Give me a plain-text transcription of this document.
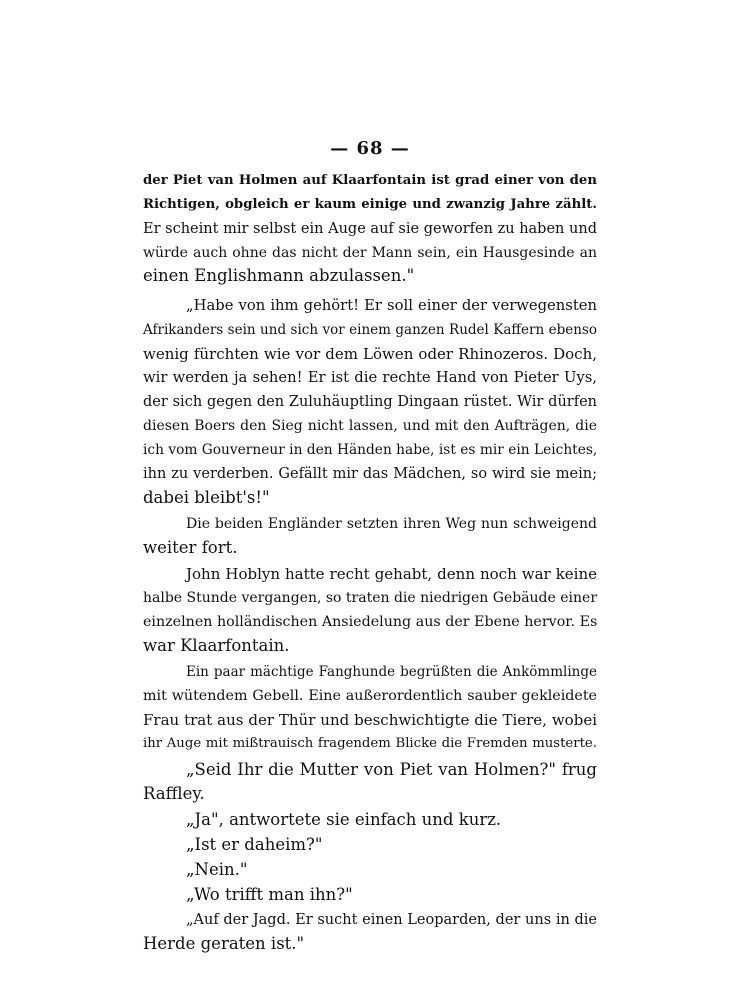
— 68 —
der Piet van Holmen auf Klaarfontain ist grad einer von den
Richtigen, obgleich er kaum einige und zwanzig Jahre zählt.
Er scheint mir selbst ein Auge auf sie geworfen zu haben und
würde auch ohne das nicht der Mann sein, ein Hausgesinde an
einen Englishmann abzulassen."
„Habe von ihm gehört! Er soll einer der verwegensten
Afrikanders sein und sich vor einem ganzen Rudel Kaffern ebenso
wenig fürchten wie vor dem Löwen oder Rhinozeros. Doch,
wir werden ja sehen! Er ist die rechte Hand von Pieter Uys,
der sich gegen den Zuluhäuptling Dingaan rüstet. Wir dürfen
diesen Boers den Sieg nicht lassen, und mit den Aufträgen, die
ich vom Gouverneur in den Händen habe, ist es mir ein Leichtes,
ihn zu verderben. Gefällt mir das Mädchen, so wird sie mein;
dabei bleibt's!"
Die beiden Engländer setzten ihren Weg nun schweigend
weiter fort.
John Hoblyn hatte recht gehabt, denn noch war keine
halbe Stunde vergangen, so traten die niedrigen Gebäude einer
einzelnen holländischen Ansiedelung aus der Ebene hervor. Es
war Klaarfontain.
Ein paar mächtige Fanghunde begrüßten die Ankömmlinge
mit wütendem Gebell. Eine außerordentlich sauber gekleidete
Frau trat aus der Thür und beschwichtigte die Tiere, wobei
ihr Auge mit mißtrauisch fragendem Blicke die Fremden musterte.
„Seid Ihr die Mutter von Piet van Holmen?" frug
Raffley.
„Ja", antwortete sie einfach und kurz.
„Ist er daheim?"
„Nein."
„Wo trifft man ihn?"
„Auf der Jagd. Er sucht einen Leoparden, der uns in die
Herde geraten ist."
